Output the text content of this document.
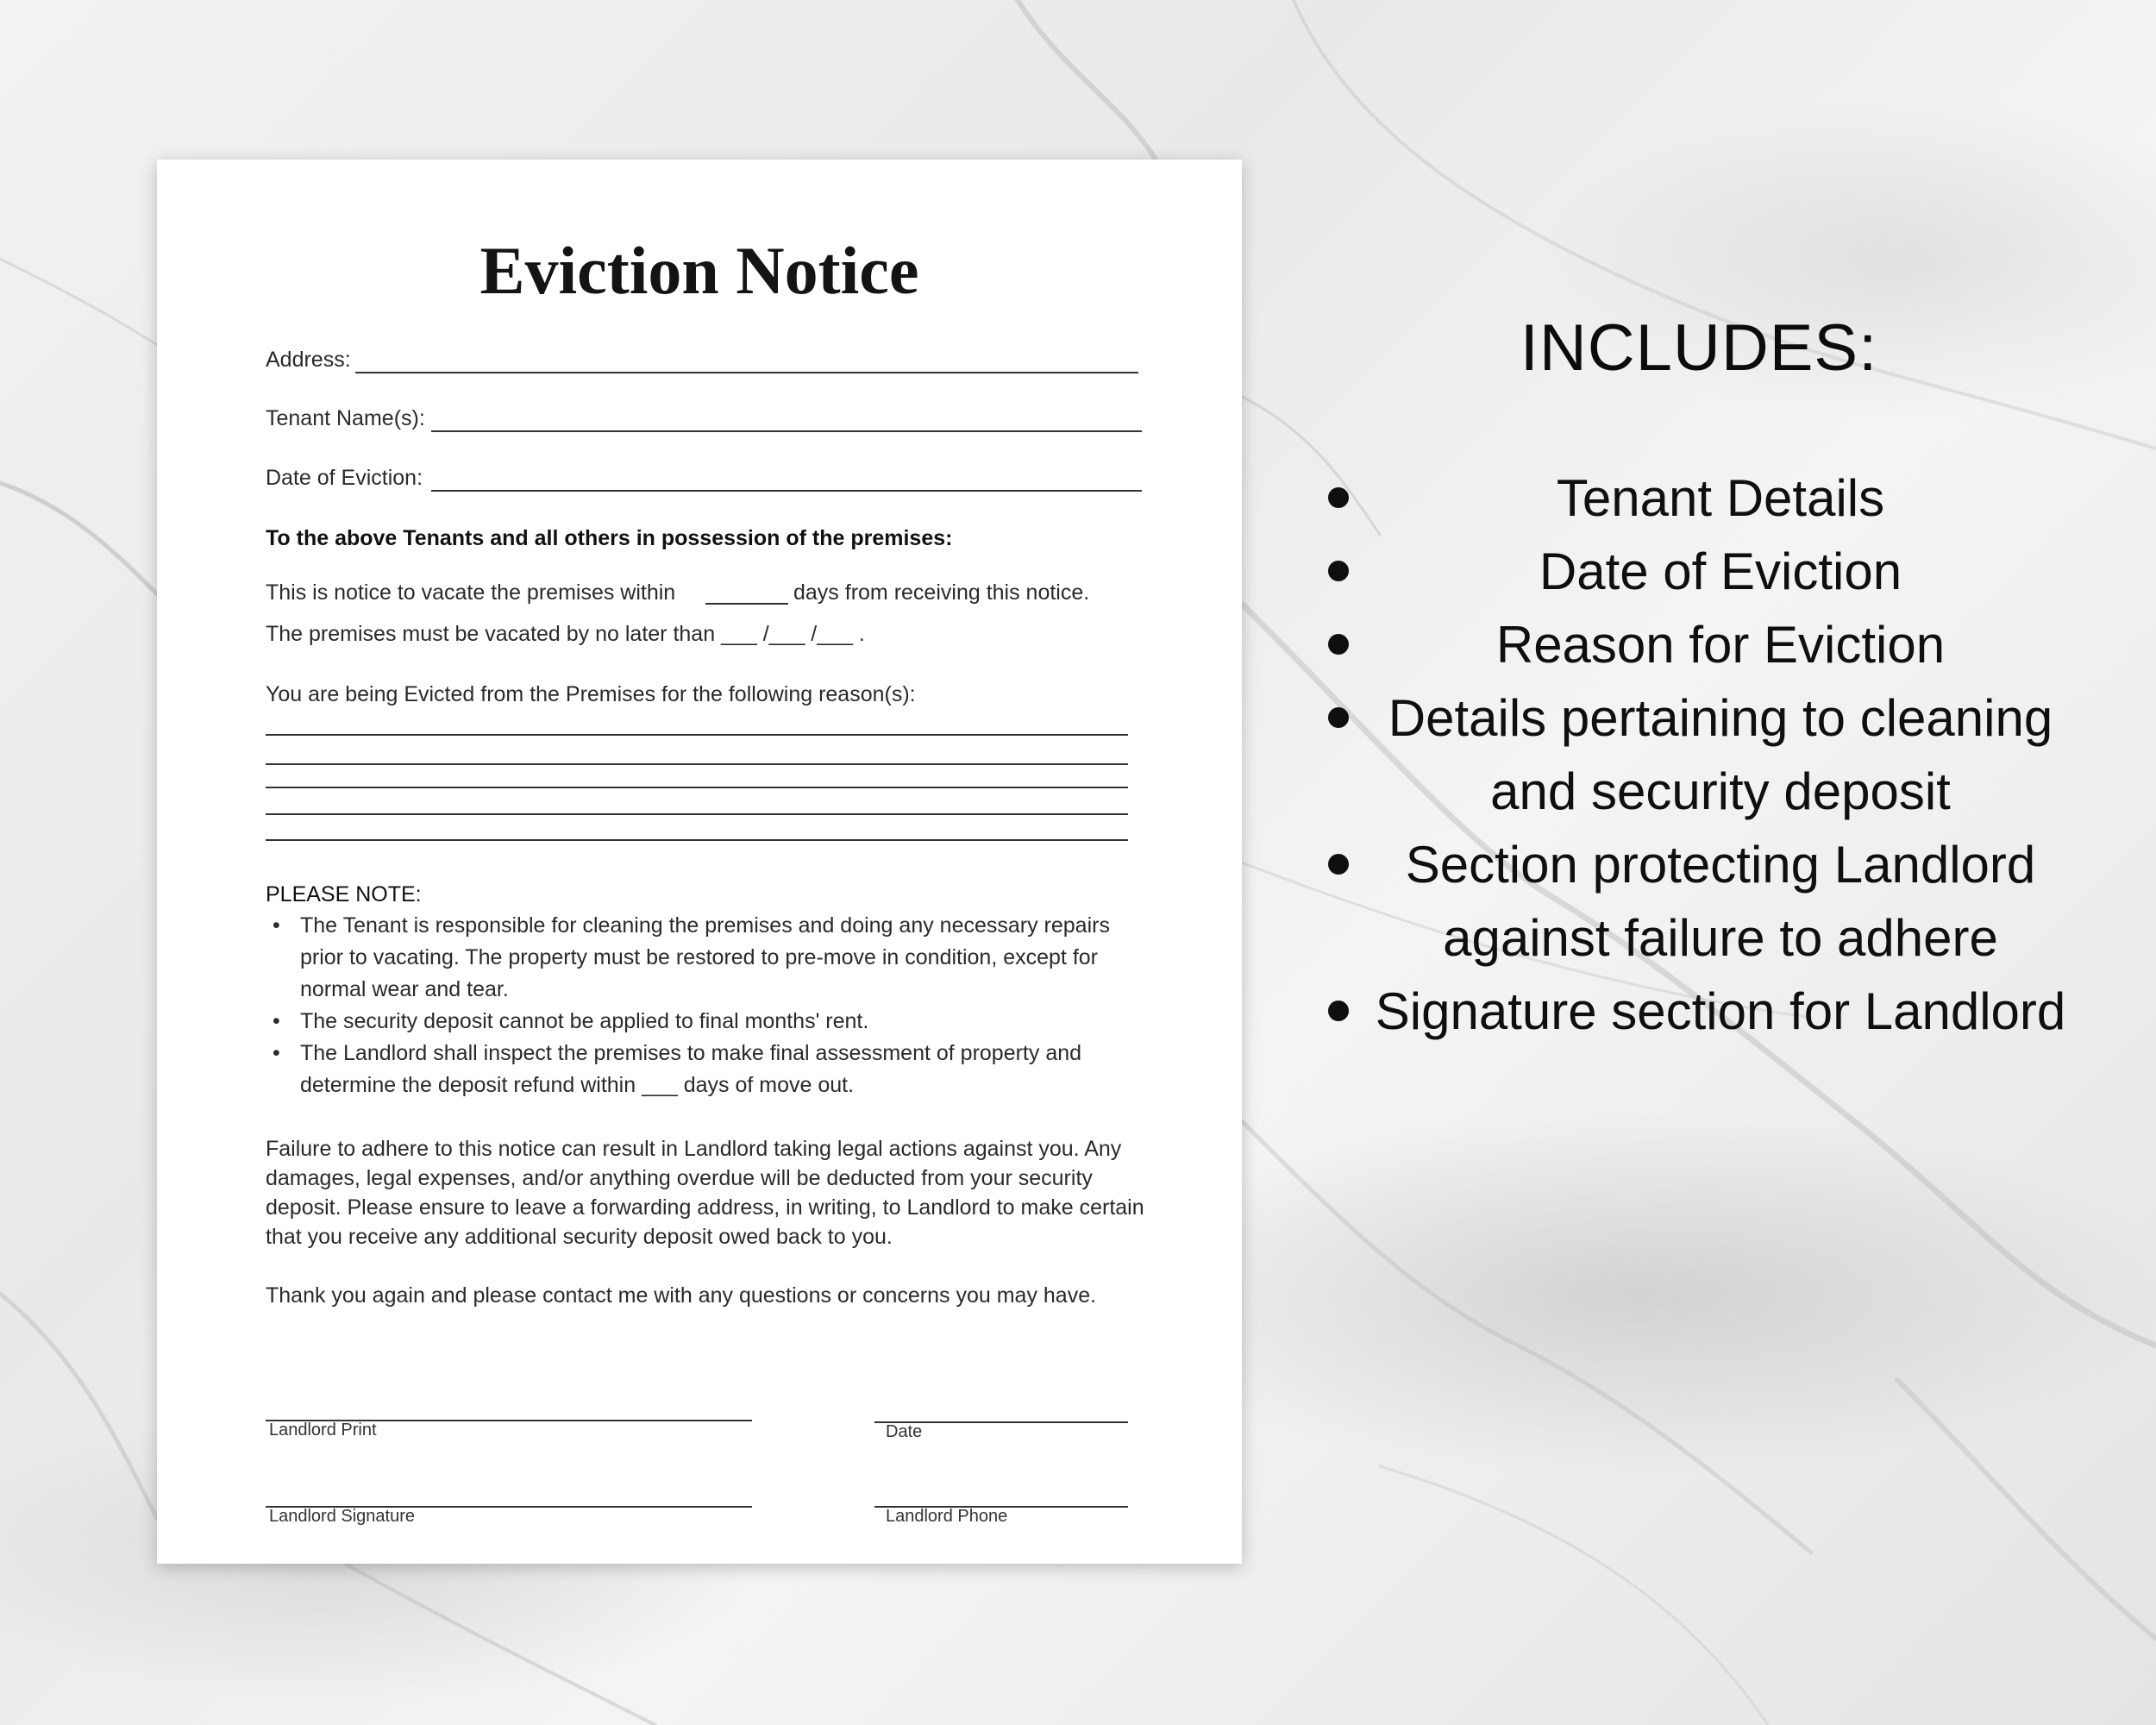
Eviction Notice
Address:
Tenant Name(s):
Date of Eviction:
To the above Tenants and all others in possession of the premises:
This is notice to vacate the premises within	days from receiving this notice.
The premises must be vacated by no later than ___ /___ /___ .
You are being Evicted from the Premises for the following reason(s):
PLEASE NOTE:
• The Tenant is responsible for cleaning the premises and doing any necessary repairs prior to vacating. The property must be restored to pre-move in condition, except for normal wear and tear.
• The security deposit cannot be applied to final months' rent.
• The Landlord shall inspect the premises to make final assessment of property and determine the deposit refund within ___ days of move out.
Failure to adhere to this notice can result in Landlord taking legal actions against you. Any damages, legal expenses, and/or anything overdue will be deducted from your security deposit. Please ensure to leave a forwarding address, in writing, to Landlord to make certain that you receive any additional security deposit owed back to you.
Thank you again and please contact me with any questions or concerns you may have.
Landlord Print	Date
Landlord Signature	Landlord Phone
INCLUDES:
Tenant Details
Date of Eviction
Reason for Eviction
Details pertaining to cleaning and security deposit
Section protecting Landlord against failure to adhere
Signature section for Landlord
